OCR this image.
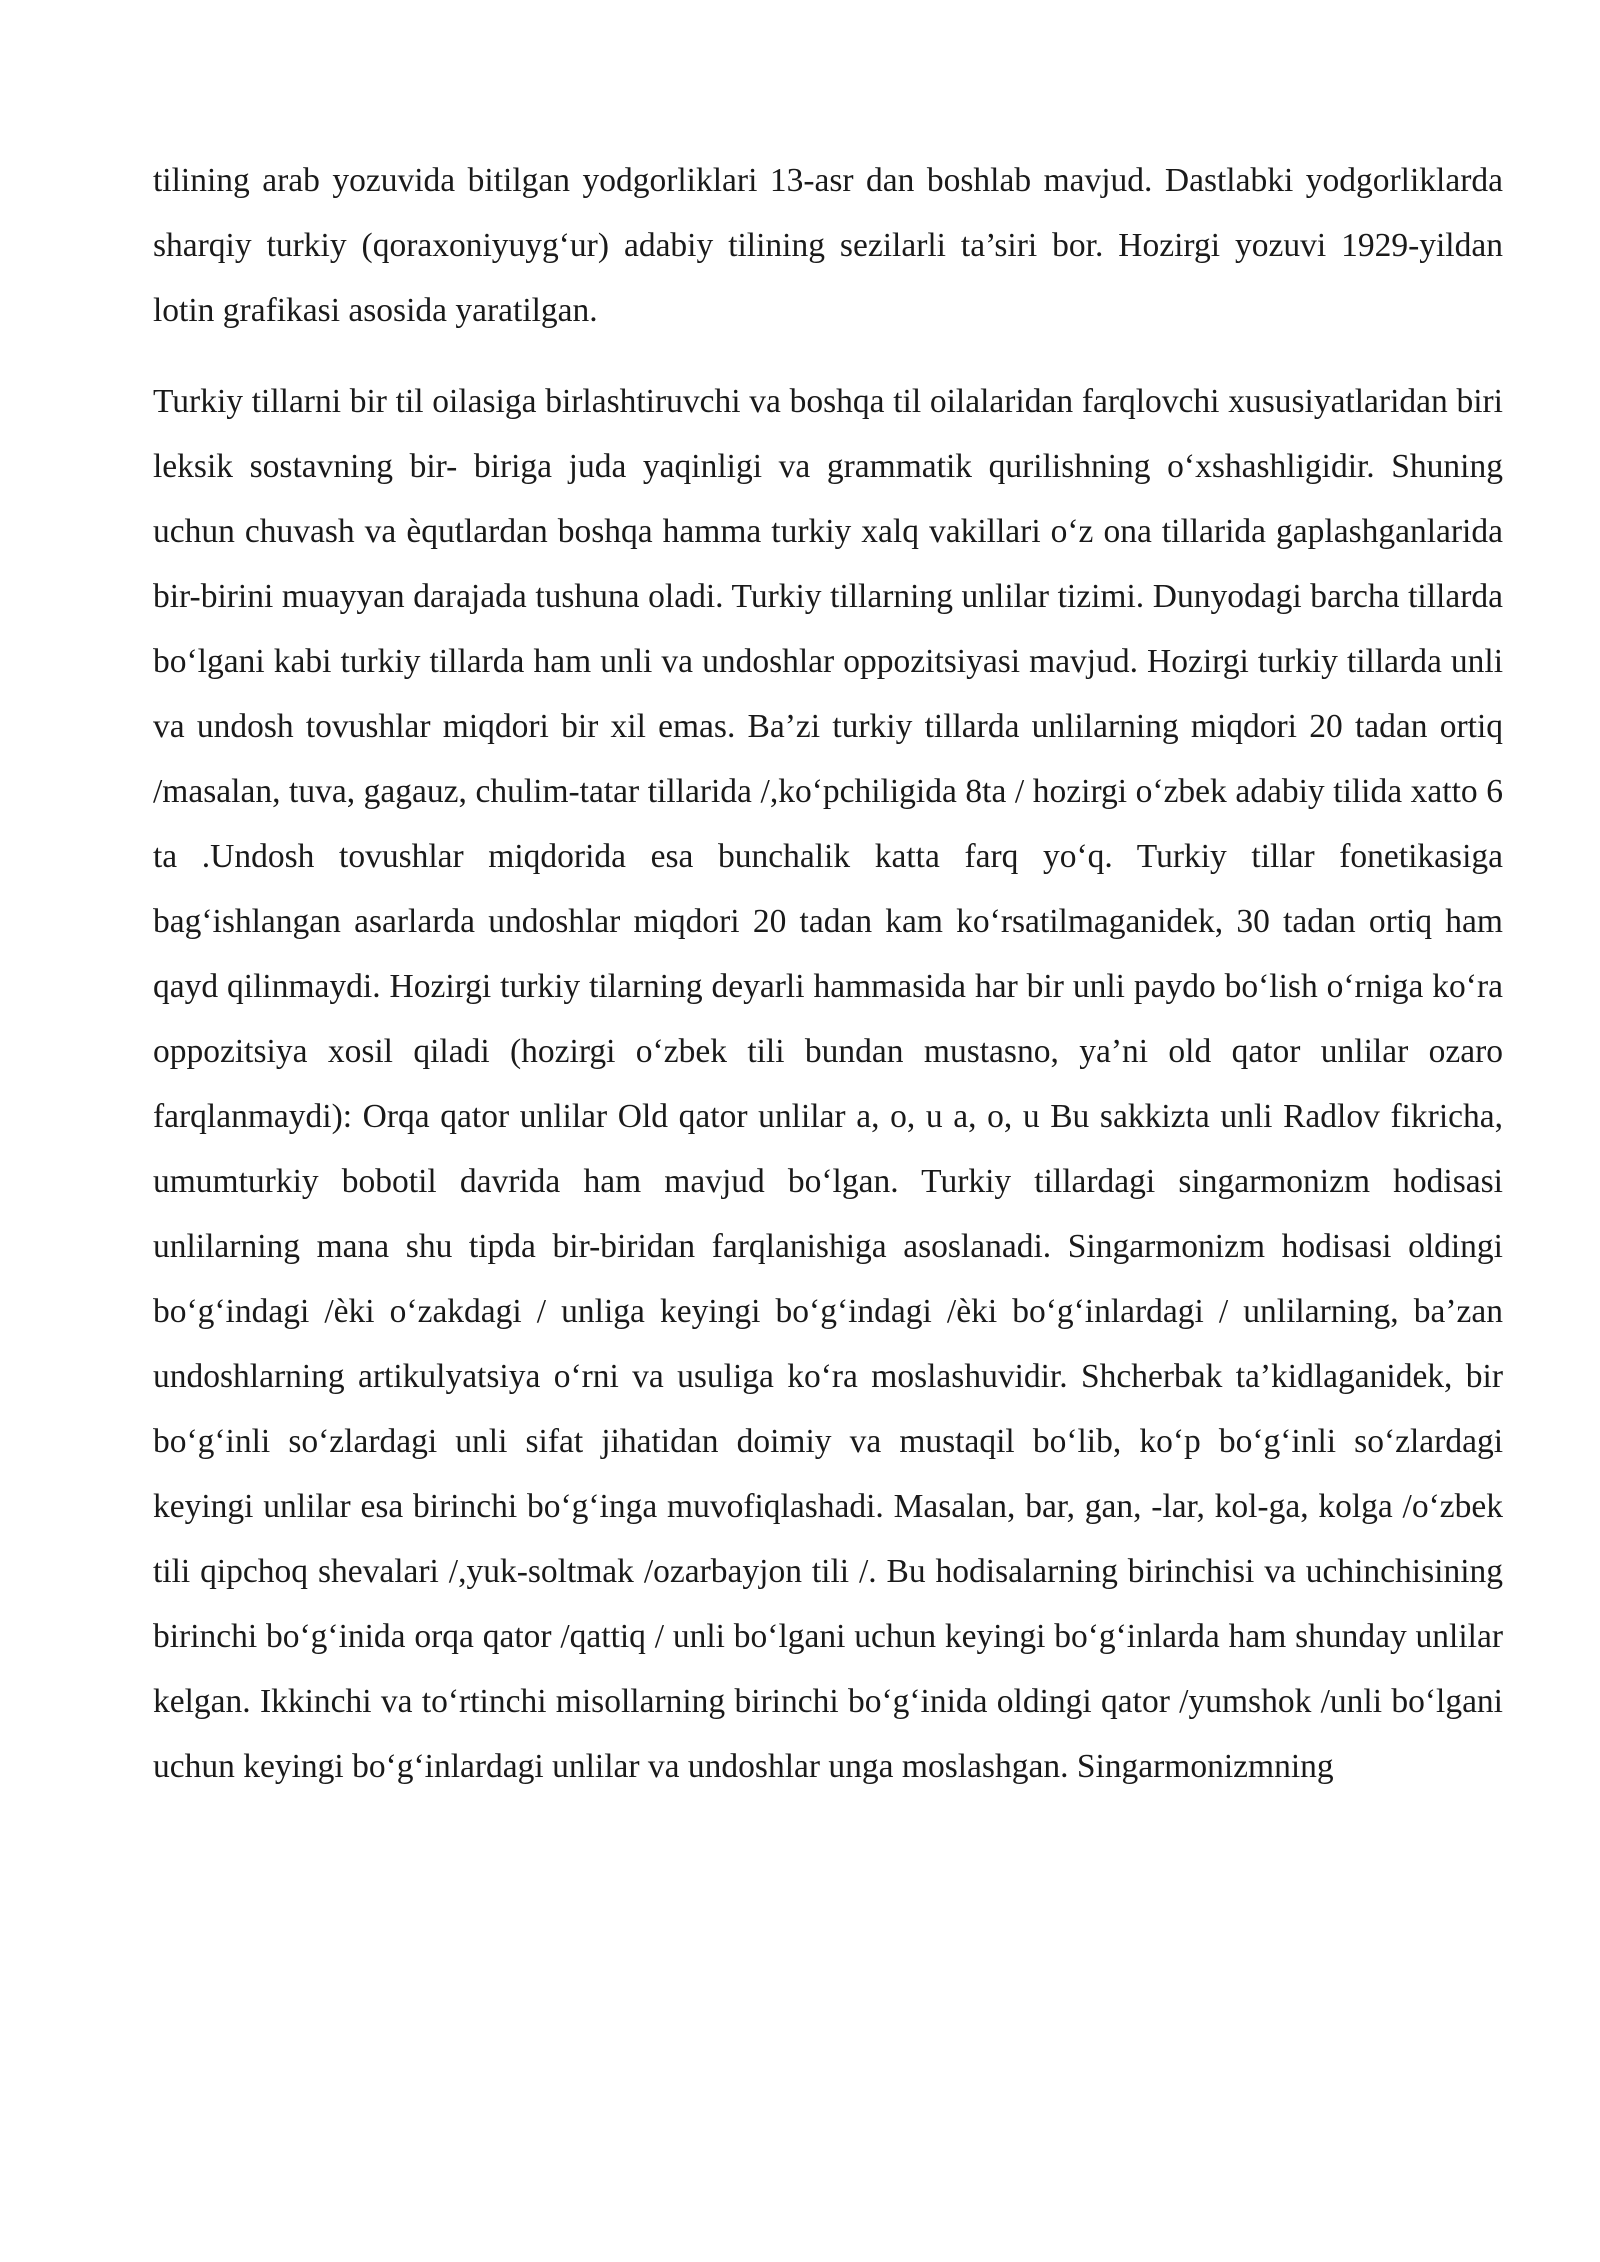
tilining arab yozuvida bitilgan yodgorliklari 13-asr dan boshlab mavjud. Dastlabki yodgorliklarda sharqiy turkiy (qoraxoniyuyg‘ur) adabiy tilining sezilarli ta’siri bor. Hozirgi yozuvi 1929-yildan lotin grafikasi asosida yaratilgan.

Turkiy tillarni bir til oilasiga birlashtiruvchi va boshqa til oilalaridan farqlovchi xususiyatlaridan biri leksik sostavning bir- biriga juda yaqinligi va grammatik qurilishning o‘xshashligidir. Shuning uchun chuvash va èqutlardan boshqa hamma turkiy xalq vakillari o‘z ona tillarida gaplashganlarida bir-birini muayyan darajada tushuna oladi. Turkiy tillarning unlilar tizimi. Dunyodagi barcha tillarda bo‘lgani kabi turkiy tillarda ham unli va undoshlar oppozitsiyasi mavjud. Hozirgi turkiy tillarda unli va undosh tovushlar miqdori bir xil emas. Ba’zi turkiy tillarda unlilarning miqdori 20 tadan ortiq /masalan, tuva, gagauz, chulim-tatar tillarida /,ko‘pchiligida 8ta / hozirgi o‘zbek adabiy tilida xatto 6 ta .Undosh tovushlar miqdorida esa bunchalik katta farq yo‘q. Turkiy tillar fonetikasiga bag‘ishlangan asarlarda undoshlar miqdori 20 tadan kam ko‘rsatilmaganidek, 30 tadan ortiq ham qayd qilinmaydi. Hozirgi turkiy tilarning deyarli hammasida har bir unli paydo bo‘lish o‘rniga ko‘ra oppozitsiya xosil qiladi (hozirgi o‘zbek tili bundan mustasno, ya’ni old qator unlilar ozaro farqlanmaydi): Orqa qator unlilar Old qator unlilar a, o, u a, o, u Bu sakkizta unli Radlov fikricha, umumturkiy bobotil davrida ham mavjud bo‘lgan. Turkiy tillardagi singarmonizm hodisasi unlilarning mana shu tipda bir-biridan farqlanishiga asoslanadi. Singarmonizm hodisasi oldingi bo‘g‘indagi /èki o‘zakdagi / unliga keyingi bo‘g‘indagi /èki bo‘g‘inlardagi / unlilarning, ba’zan undoshlarning artikulyatsiya o‘rni va usuliga ko‘ra moslashuvidir. Shcherbak ta’kidlaganidek, bir bo‘g‘inli so‘zlardagi unli sifat jihatidan doimiy va mustaqil bo‘lib, ko‘p bo‘g‘inli so‘zlardagi keyingi unlilar esa birinchi bo‘g‘inga muvofiqlashadi. Masalan, bar, gan, -lar, kol-ga, kolga /o‘zbek tili qipchoq shevalari /,yuk-soltmak /ozarbayjon tili /. Bu hodisalarning birinchisi va uchinchisining birinchi bo‘g‘inida orqa qator /qattiq / unli bo‘lgani uchun keyingi bo‘g‘inlarda ham shunday unlilar kelgan. Ikkinchi va to‘rtinchi misollarning birinchi bo‘g‘inida oldingi qator /yumshok /unli bo‘lgani uchun keyingi bo‘g‘inlardagi unlilar va undoshlar unga moslashgan. Singarmonizmning
